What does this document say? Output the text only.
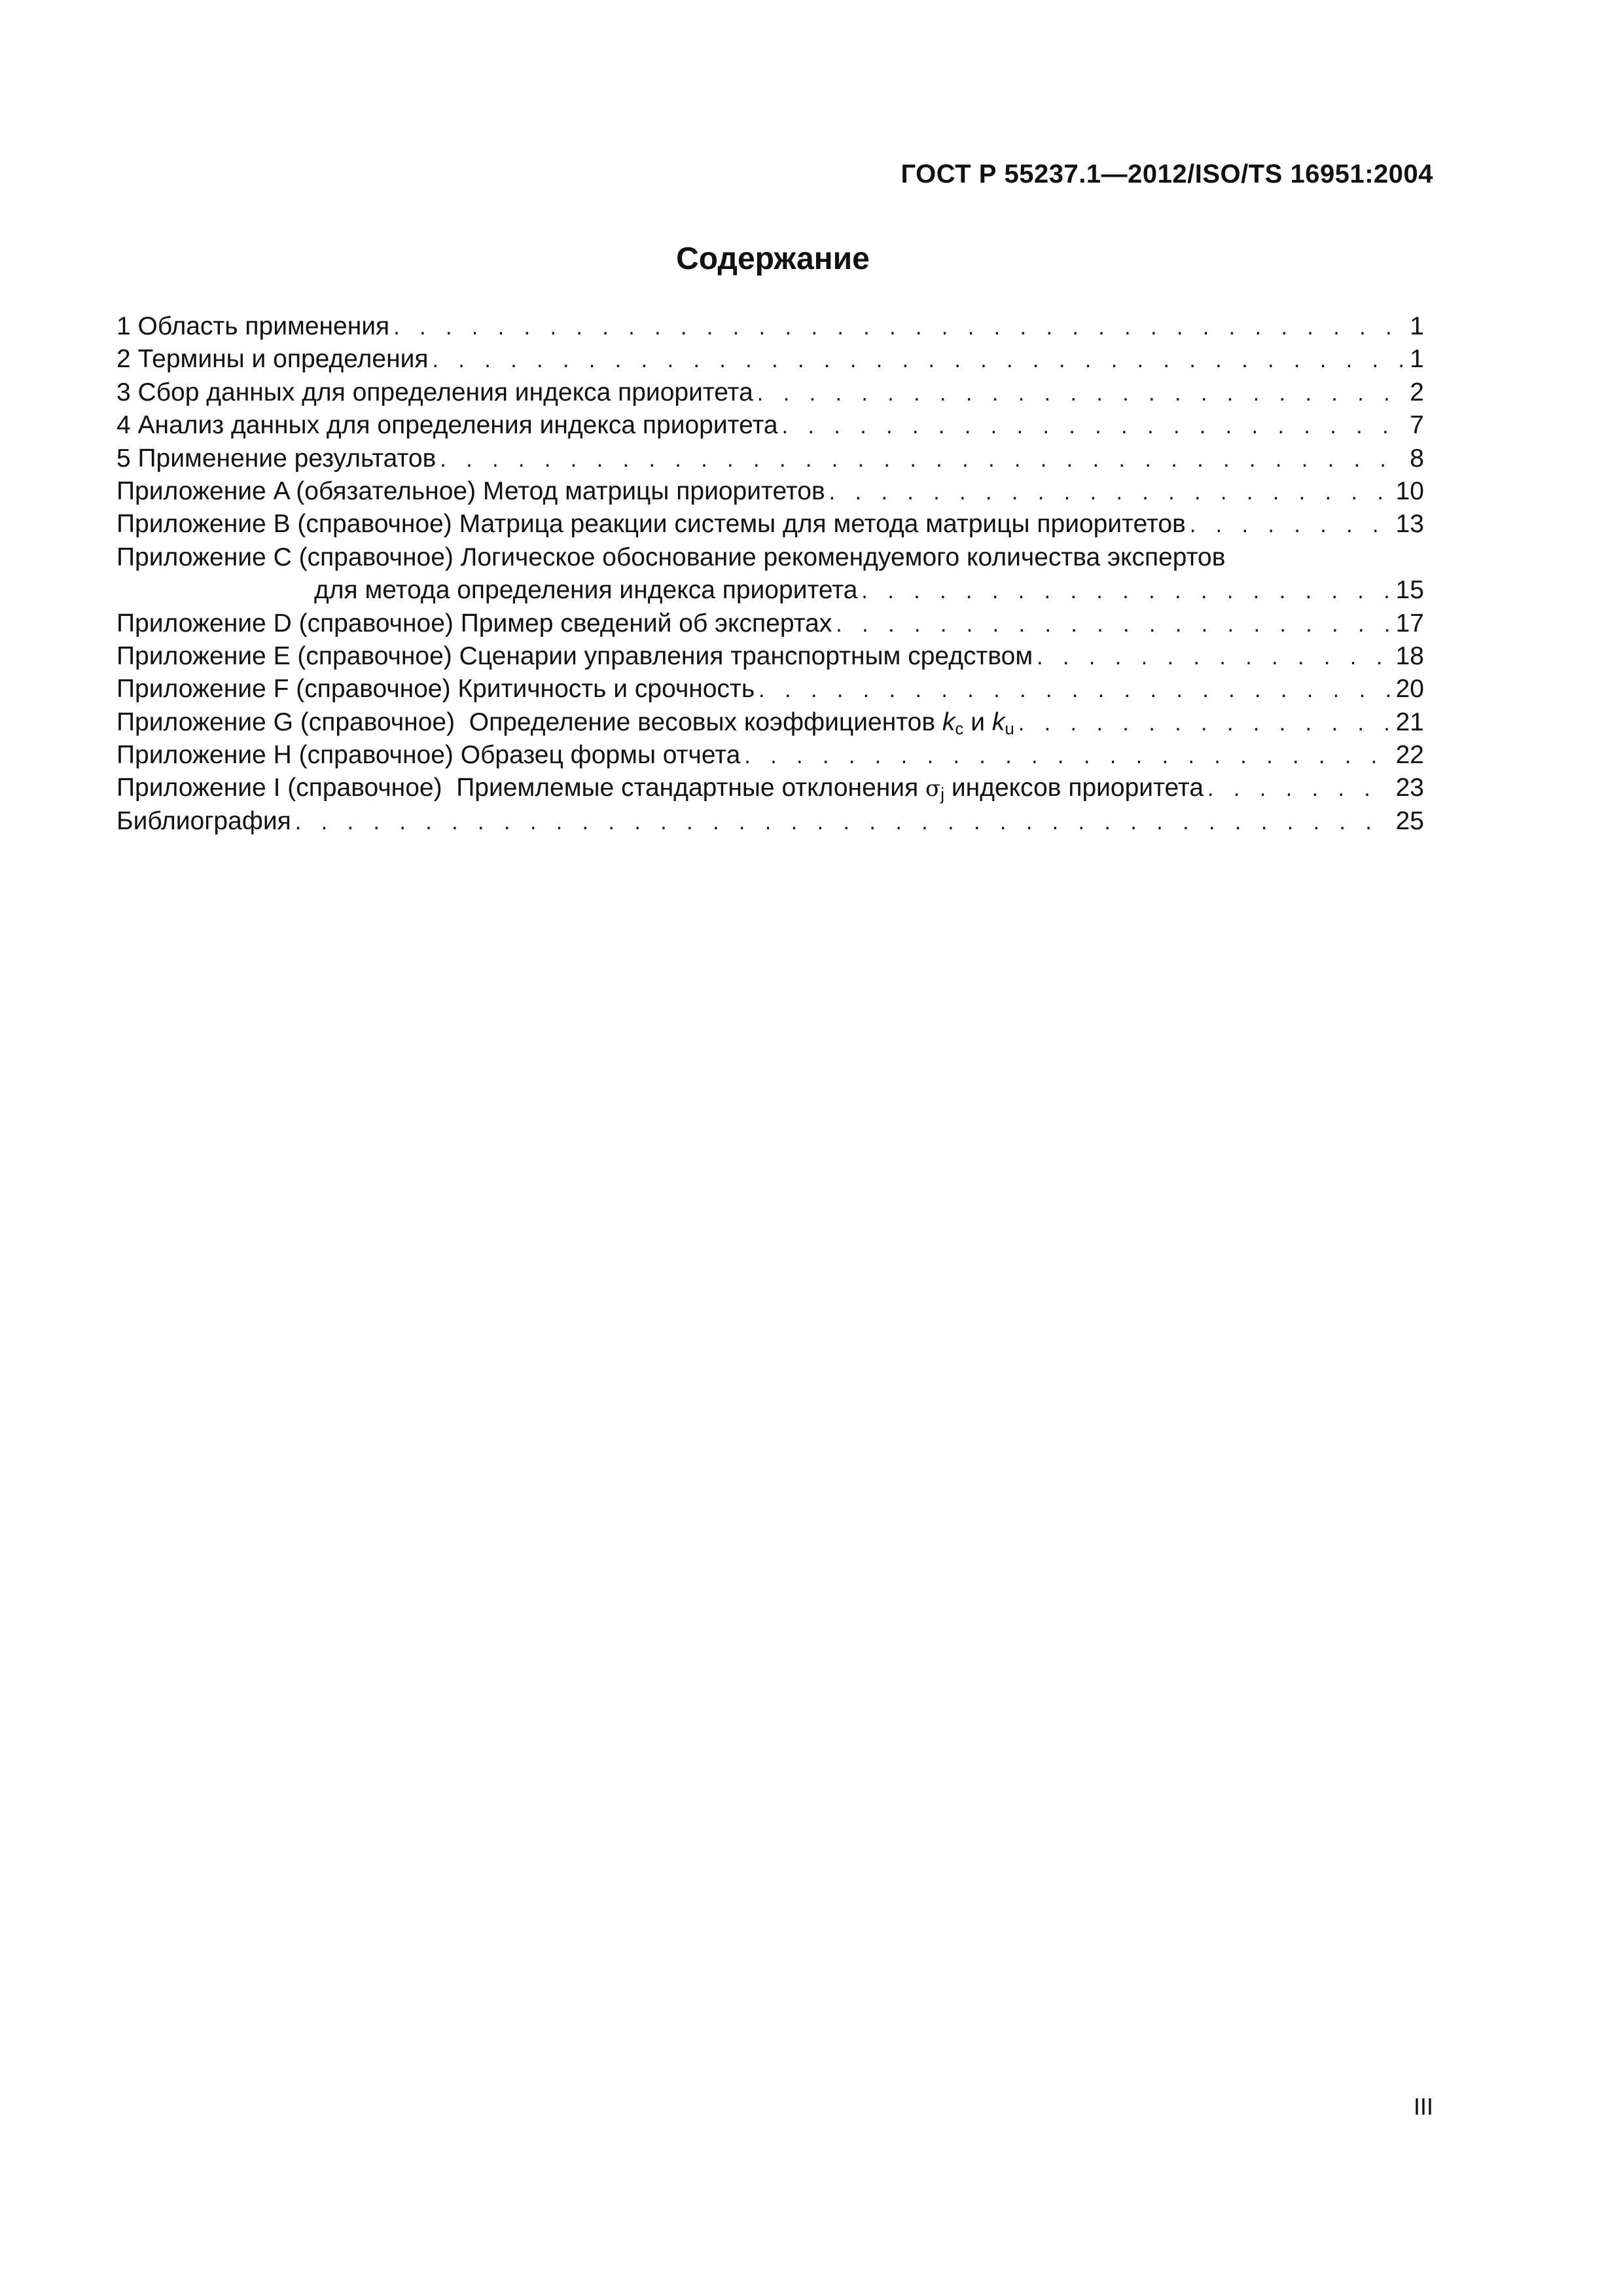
ГОСТ Р 55237.1—2012/ISO/TS 16951:2004
Содержание
1 Область применения . . .	1
2 Термины и определения . . .	1
3 Сбор данных для определения индекса приоритета . . .	2
4 Анализ данных для определения индекса приоритета . . .	7
5 Применение результатов . . .	8
Приложение A (обязательное) Метод матрицы приоритетов . . .	10
Приложение B (справочное) Матрица реакции системы для метода матрицы приоритетов . . .	13
Приложение C (справочное) Логическое обоснование рекомендуемого количества экспертов
для метода определения индекса приоритета . . .	15
Приложение D (справочное) Пример сведений об экспертах . . .	17
Приложение E (справочное) Сценарии управления транспортным средством . . .	18
Приложение F (справочное) Критичность и срочность . . .	20
Приложение G (справочное)  Определение весовых коэффициентов $k_c$ и $k_u$ . . .	21
Приложение H (справочное) Образец формы отчета . . .	22
Приложение I (справочное)  Приемлемые стандартные отклонения $\sigma_j$ индексов приоритета . . .	23
Библиография . . .	25
III
